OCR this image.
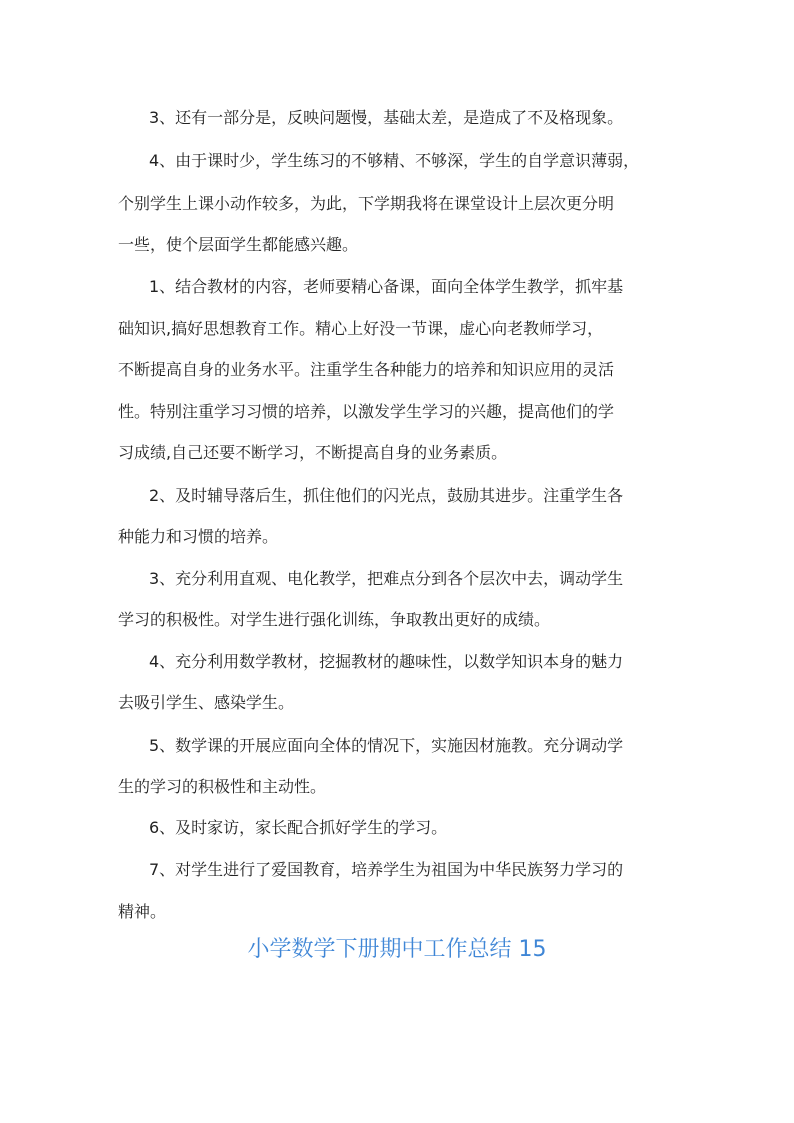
3、还有一部分是，反映问题慢，基础太差，是造成了不及格现象。
4、由于课时少，学生练习的不够精、不够深，学生的自学意识薄弱，
个别学生上课小动作较多，为此，下学期我将在课堂设计上层次更分明
一些，使个层面学生都能感兴趣。
1、结合教材的内容，老师要精心备课，面向全体学生教学，抓牢基
础知识,搞好思想教育工作。精心上好没一节课，虚心向老教师学习，
不断提高自身的业务水平。注重学生各种能力的培养和知识应用的灵活
性。特别注重学习习惯的培养，以激发学生学习的兴趣，提高他们的学
习成绩,自己还要不断学习，不断提高自身的业务素质。
2、及时辅导落后生，抓住他们的闪光点，鼓励其进步。注重学生各
种能力和习惯的培养。
3、充分利用直观、电化教学，把难点分到各个层次中去，调动学生
学习的积极性。对学生进行强化训练，争取教出更好的成绩。
4、充分利用数学教材，挖掘教材的趣味性，以数学知识本身的魅力
去吸引学生、感染学生。
5、数学课的开展应面向全体的情况下，实施因材施教。充分调动学
生的学习的积极性和主动性。
6、及时家访，家长配合抓好学生的学习。
7、对学生进行了爱国教育，培养学生为祖国为中华民族努力学习的
精神。
小学数学下册期中工作总结 15
